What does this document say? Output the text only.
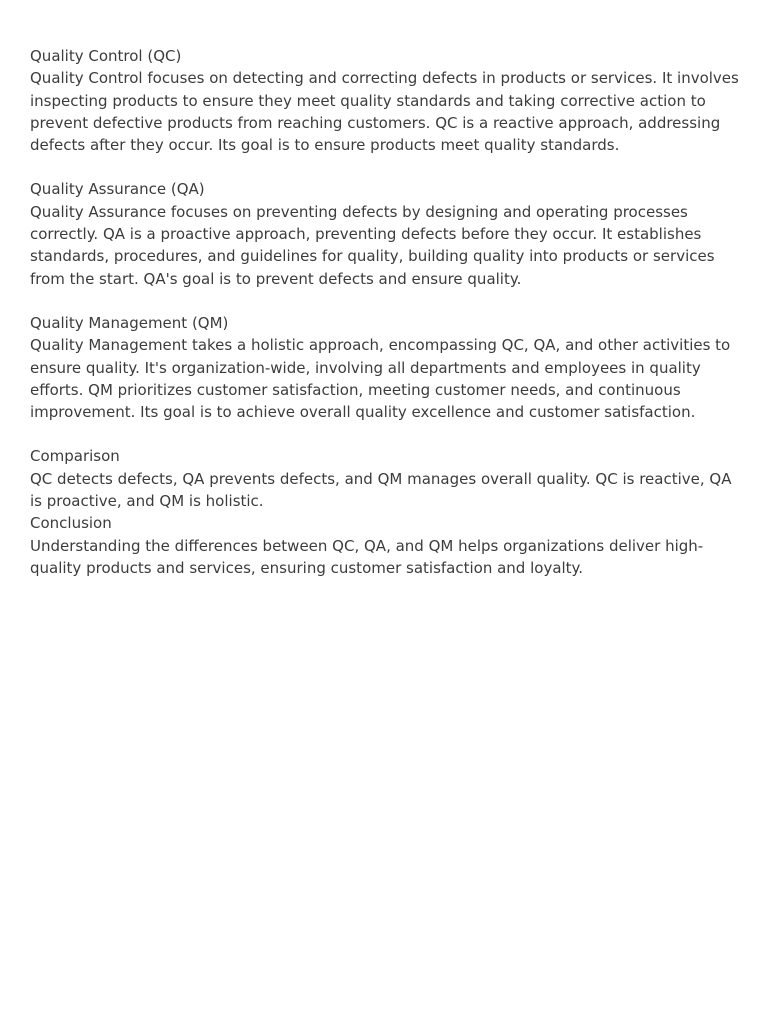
Quality Control (QC)

Quality Control focuses on detecting and correcting defects in products or services. It involves inspecting products to ensure they meet quality standards and taking corrective action to prevent defective products from reaching customers. QC is a reactive approach, addressing defects after they occur. Its goal is to ensure products meet quality standards.

Quality Assurance (QA)

Quality Assurance focuses on preventing defects by designing and operating processes correctly. QA is a proactive approach, preventing defects before they occur. It establishes standards, procedures, and guidelines for quality, building quality into products or services from the start. QA's goal is to prevent defects and ensure quality.

Quality Management (QM)

Quality Management takes a holistic approach, encompassing QC, QA, and other activities to ensure quality. It's organization-wide, involving all departments and employees in quality efforts. QM prioritizes customer satisfaction, meeting customer needs, and continuous improvement. Its goal is to achieve overall quality excellence and customer satisfaction.

Comparison

QC detects defects, QA prevents defects, and QM manages overall quality. QC is reactive, QA is proactive, and QM is holistic.

Conclusion

Understanding the differences between QC, QA, and QM helps organizations deliver high-quality products and services, ensuring customer satisfaction and loyalty.
